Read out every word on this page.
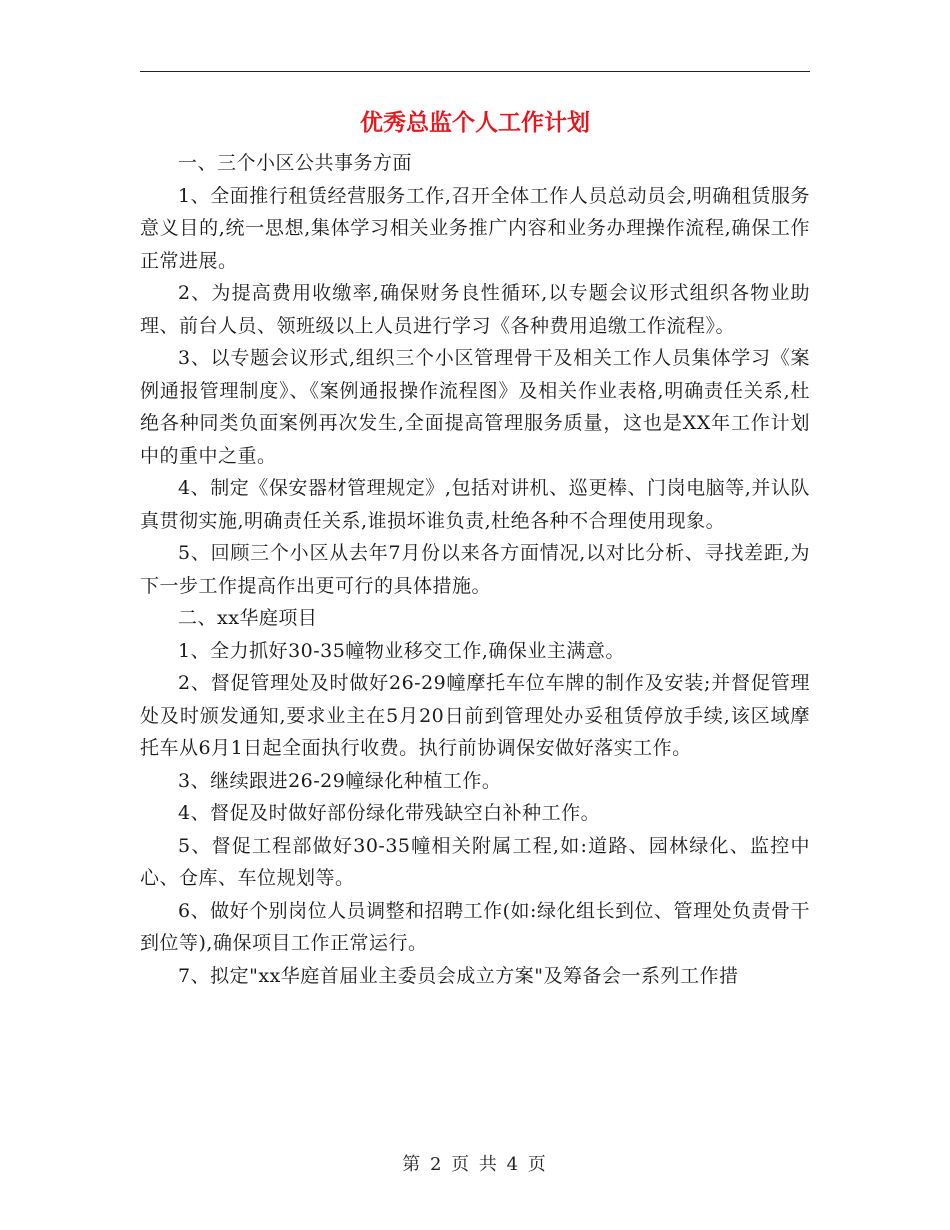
优秀总监个人工作计划

一、三个小区公共事务方面

1、全面推行租赁经营服务工作,召开全体工作人员总动员会,明确租赁服务意义目的,统一思想,集体学习相关业务推广内容和业务办理操作流程,确保工作正常进展。

2、为提高费用收缴率,确保财务良性循环,以专题会议形式组织各物业助理、前台人员、领班级以上人员进行学习《各种费用追缴工作流程》。

3、以专题会议形式,组织三个小区管理骨干及相关工作人员集体学习《案例通报管理制度》、《案例通报操作流程图》及相关作业表格,明确责任关系,杜绝各种同类负面案例再次发生,全面提高管理服务质量，这也是XX年工作计划中的重中之重。

4、制定《保安器材管理规定》,包括对讲机、巡更棒、门岗电脑等,并认队真贯彻实施,明确责任关系,谁损坏谁负责,杜绝各种不合理使用现象。

5、回顾三个小区从去年7月份以来各方面情况,以对比分析、寻找差距,为下一步工作提高作出更可行的具体措施。

二、xx华庭项目

1、全力抓好30-35幢物业移交工作,确保业主满意。

2、督促管理处及时做好26-29幢摩托车位车牌的制作及安装;并督促管理处及时颁发通知,要求业主在5月20日前到管理处办妥租赁停放手续,该区域摩托车从6月1日起全面执行收费。执行前协调保安做好落实工作。

3、继续跟进26-29幢绿化种植工作。

4、督促及时做好部份绿化带残缺空白补种工作。

5、督促工程部做好30-35幢相关附属工程,如:道路、园林绿化、监控中心、仓库、车位规划等。

6、做好个别岗位人员调整和招聘工作(如:绿化组长到位、管理处负责骨干到位等),确保项目工作正常运行。

7、拟定"xx华庭首届业主委员会成立方案"及筹备会一系列工作措

第 2 页 共 4 页
